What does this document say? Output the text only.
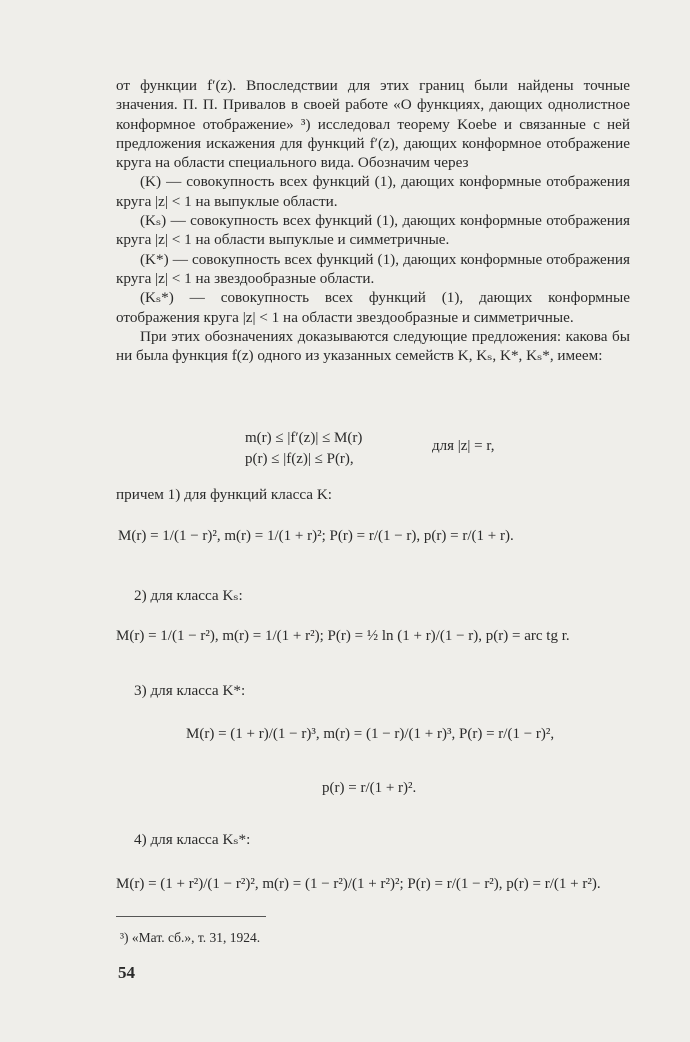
от функции f′(z). Впоследствии для этих границ были найдены точные значения. П. П. Привалов в своей работе «О функциях, дающих однолистное конформное отображение» ³) исследовал теорему Koebe и связанные с ней предложения искажения для функций f′(z), дающих конформное отображение круга на области специального вида. Обозначим через

(K) — совокупность всех функций (1), дающих конформные отображения круга |z| < 1 на выпуклые области.

(Kₛ) — совокупность всех функций (1), дающих конформные отображения круга |z| < 1 на области выпуклые и симметричные.

(K*) — совокупность всех функций (1), дающих конформные отображения круга |z| < 1 на звездообразные области.

(Kₛ*) — совокупность всех функций (1), дающих конформные отображения круга |z| < 1 на области звездообразные и симметричные.

При этих обозначениях доказываются следующие предложения: какова бы ни была функция f(z) одного из указанных семейств K, Kₛ, K*, Kₛ*, имеем:

m(r) ≤ |f′(z)| ≤ M(r)
p(r) ≤ |f(z)| ≤ P(r),
для |z| = r,
причем 1) для функций класса K:
M(r) = 1/(1 − r)², m(r) = 1/(1 + r)²; P(r) = r/(1 − r), p(r) = r/(1 + r).
2) для класса Kₛ:
M(r) = 1/(1 − r²), m(r) = 1/(1 + r²); P(r) = ½ ln (1 + r)/(1 − r), p(r) = arc tg r.
3) для класса K*:
M(r) = (1 + r)/(1 − r)³, m(r) = (1 − r)/(1 + r)³, P(r) = r/(1 − r)²,
p(r) = r/(1 + r)².
4) для класса Kₛ*:
M(r) = (1 + r²)/(1 − r²)², m(r) = (1 − r²)/(1 + r²)²; P(r) = r/(1 − r²), p(r) = r/(1 + r²).
³) «Мат. сб.», т. 31, 1924.
54
